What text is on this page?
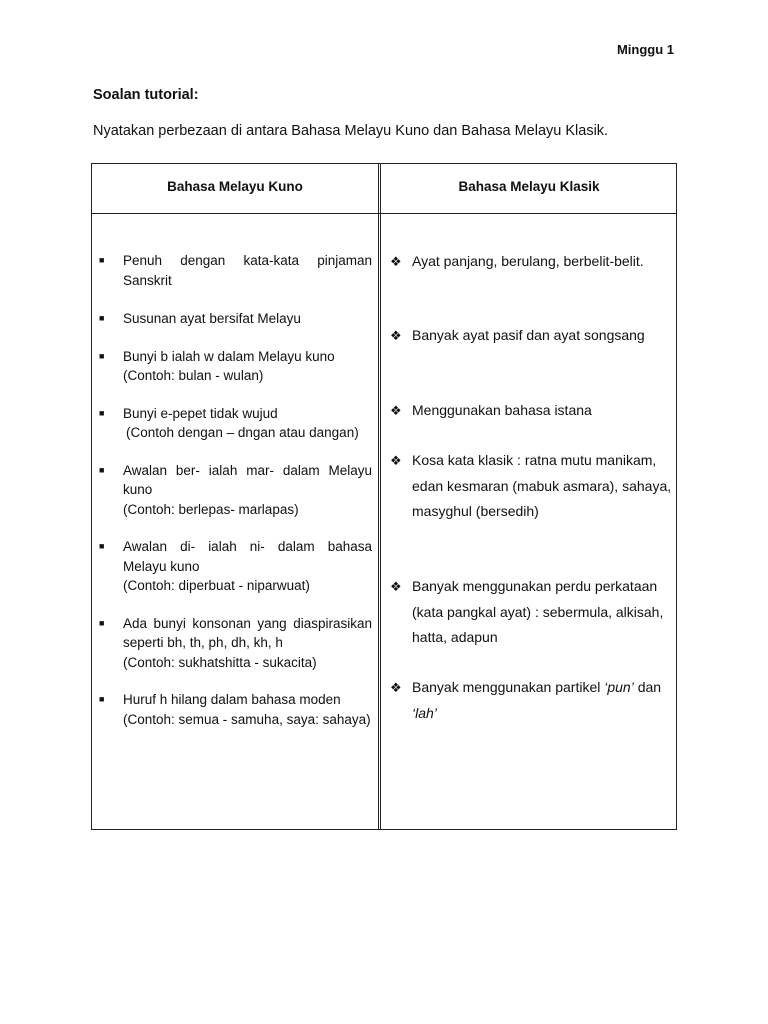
Minggu 1
Soalan tutorial:
Nyatakan perbezaan di antara Bahasa Melayu Kuno dan Bahasa Melayu Klasik.
Bahasa Melayu Kuno	Bahasa Melayu Klasik
■ Penuh dengan kata-kata pinjaman Sanskrit
■ Susunan ayat bersifat Melayu
■ Bunyi b ialah w dalam Melayu kuno
(Contoh: bulan - wulan)
■ Bunyi e-pepet tidak wujud
(Contoh dengan – dngan atau dangan)
■ Awalan ber- ialah mar- dalam Melayu kuno
(Contoh: berlepas- marlapas)
■ Awalan di- ialah ni- dalam bahasa Melayu kuno
(Contoh: diperbuat - niparwuat)
■ Ada bunyi konsonan yang diaspirasikan seperti bh, th, ph, dh, kh, h
(Contoh: sukhatshitta - sukacita)
■ Huruf h hilang dalam bahasa moden
(Contoh: semua - samuha, saya: sahaya)
❖ Ayat panjang, berulang, berbelit-belit.
❖ Banyak ayat pasif dan ayat songsang
❖ Menggunakan bahasa istana
❖ Kosa kata klasik : ratna mutu manikam, edan kesmaran (mabuk asmara), sahaya, masyghul (bersedih)
❖ Banyak menggunakan perdu perkataan (kata pangkal ayat) : sebermula, alkisah, hatta, adapun
❖ Banyak menggunakan partikel ‘pun’ dan ‘lah’
